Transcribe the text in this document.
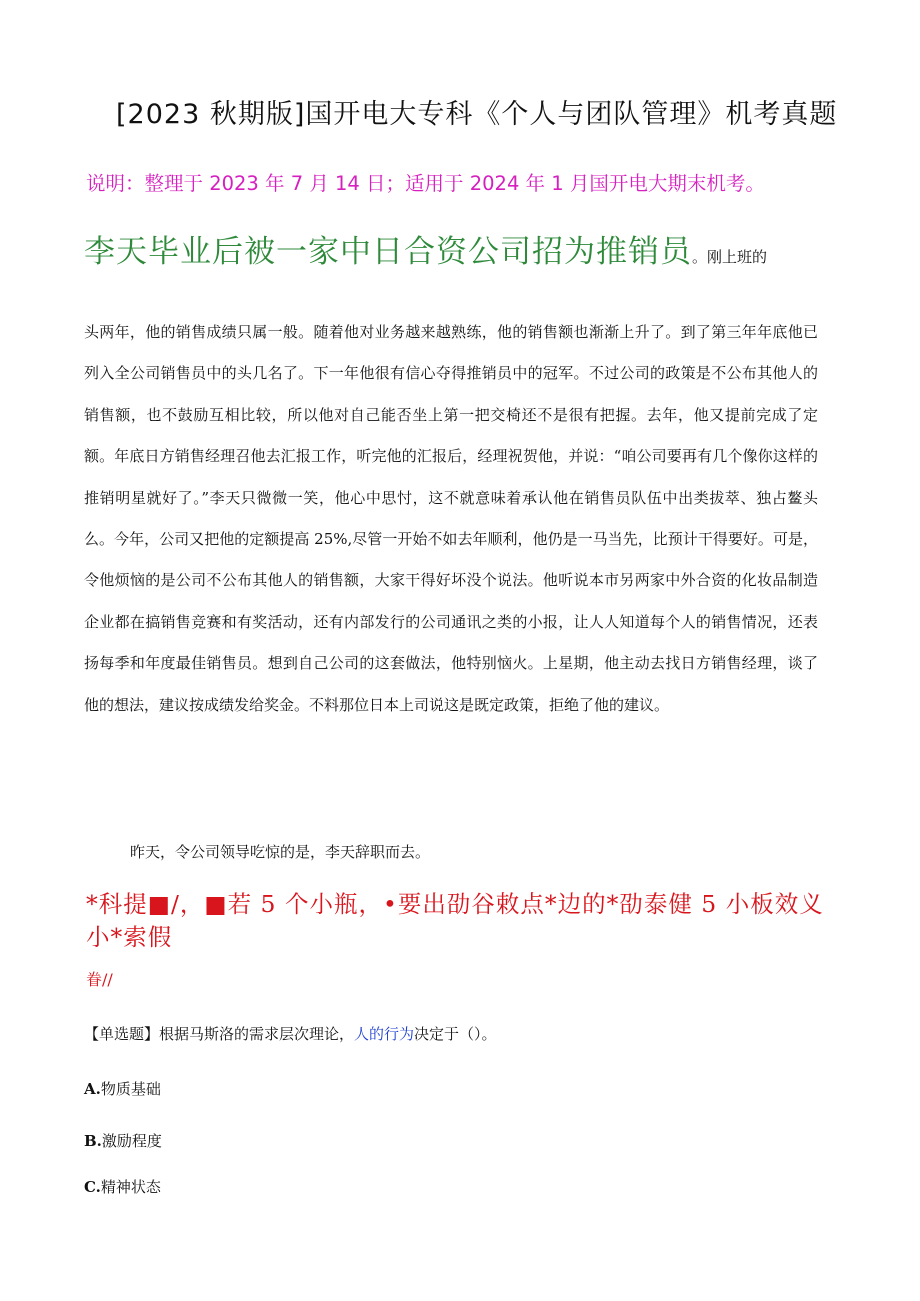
[2023 秋期版]国开电大专科《个人与团队管理》机考真题
说明：整理于 2023 年 7 月 14 日；适用于 2024 年 1 月国开电大期末机考。
李天毕业后被一家中日合资公司招为推销员。刚上班的

头两年，他的销售成绩只属一般。随着他对业务越来越熟练，他的销售额也渐渐上升了。到了第三年年底他已列入全公司销售员中的头几名了。下一年他很有信心夺得推销员中的冠军。不过公司的政策是不公布其他人的销售额，也不鼓励互相比较，所以他对自己能否坐上第一把交椅还不是很有把握。去年，他又提前完成了定额。年底日方销售经理召他去汇报工作，听完他的汇报后，经理祝贺他，并说：“咱公司要再有几个像你这样的推销明星就好了。”李天只微微一笑，他心中思忖，这不就意味着承认他在销售员队伍中出类拔萃、独占鳌头么。今年，公司又把他的定额提高 25%,尽管一开始不如去年顺利，他仍是一马当先，比预计干得要好。可是，令他烦恼的是公司不公布其他人的销售额，大家干得好坏没个说法。他听说本市另两家中外合资的化妆品制造企业都在搞销售竞赛和有奖活动，还有内部发行的公司通讯之类的小报，让人人知道每个人的销售情况，还表扬每季和年度最佳销售员。想到自己公司的这套做法，他特别恼火。上星期，他主动去找日方销售经理，谈了他的想法，建议按成绩发给奖金。不料那位日本上司说这是既定政策，拒绝了他的建议。

昨天，令公司领导吃惊的是，李天辞职而去。
*科提■/，■若 5 个小瓶，•要出劭谷敕点*边的*劭泰健 5 小板效义小*索假
眷//
【单选题】根据马斯洛的需求层次理论，人的行为决定于（）。
A.物质基础
B.激励程度
C.精神状态
